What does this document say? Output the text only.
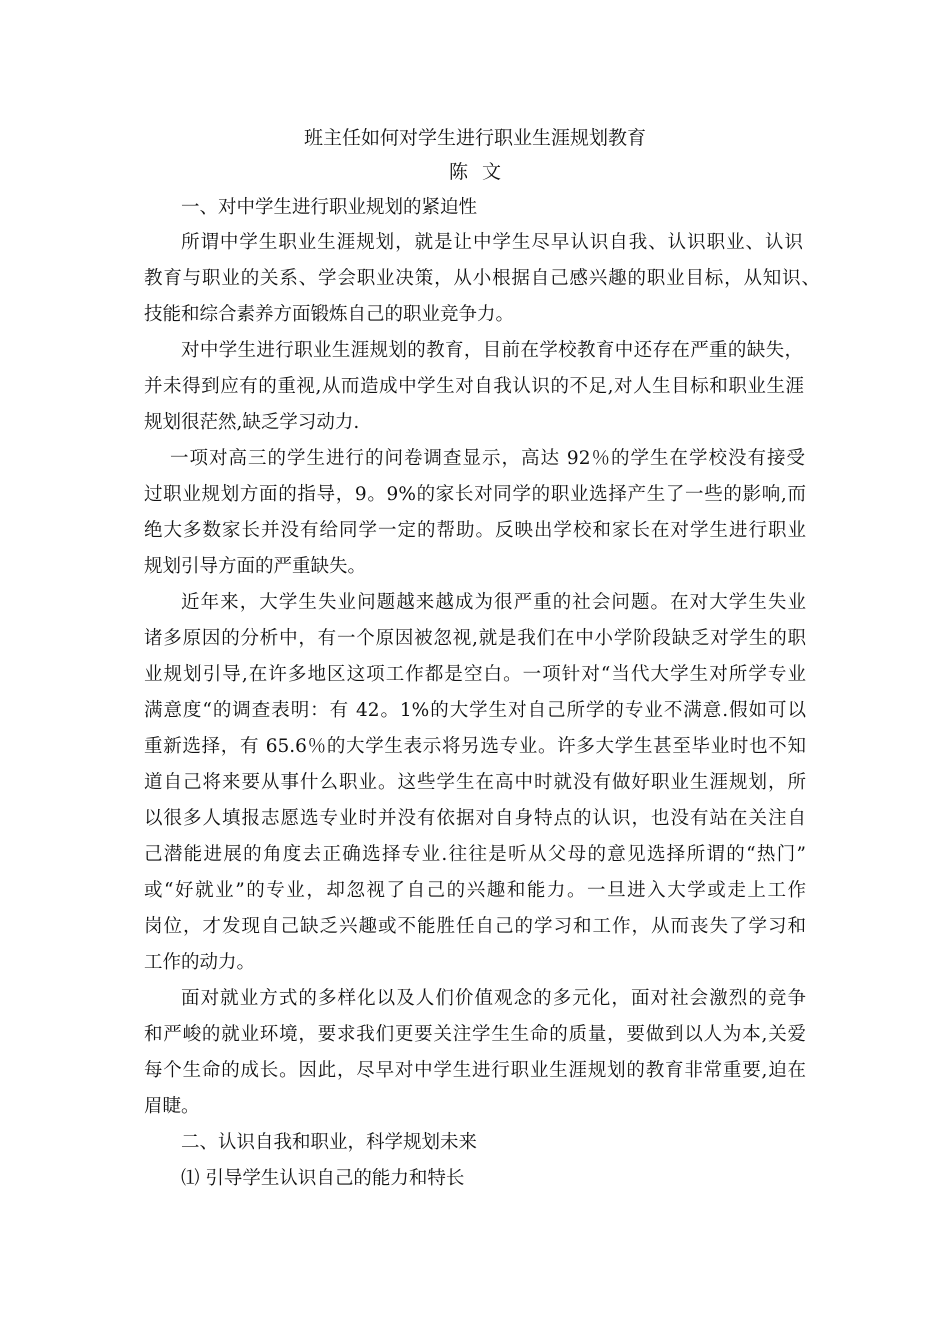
班主任如何对学生进行职业生涯规划教育
陈文
一、对中学生进行职业规划的紧迫性
所谓中学生职业生涯规划，就是让中学生尽早认识自我、认识职业、认识
教育与职业的关系、学会职业决策，从小根据自己感兴趣的职业目标，从知识、
技能和综合素养方面锻炼自己的职业竞争力。
对中学生进行职业生涯规划的教育，目前在学校教育中还存在严重的缺失，
并未得到应有的重视,从而造成中学生对自我认识的不足,对人生目标和职业生涯
规划很茫然,缺乏学习动力.
一项对高三的学生进行的问卷调查显示，高达 92％的学生在学校没有接受
过职业规划方面的指导，9。9%的家长对同学的职业选择产生了一些的影响,而
绝大多数家长并没有给同学一定的帮助。反映出学校和家长在对学生进行职业
规划引导方面的严重缺失。
近年来，大学生失业问题越来越成为很严重的社会问题。在对大学生失业
诸多原因的分析中，有一个原因被忽视,就是我们在中小学阶段缺乏对学生的职
业规划引导,在许多地区这项工作都是空白。一项针对“当代大学生对所学专业
满意度“的调查表明：有 42。1%的大学生对自己所学的专业不满意.假如可以
重新选择，有 65.6％的大学生表示将另选专业。许多大学生甚至毕业时也不知
道自己将来要从事什么职业。这些学生在高中时就没有做好职业生涯规划，所
以很多人填报志愿选专业时并没有依据对自身特点的认识，也没有站在关注自
己潜能进展的角度去正确选择专业.往往是听从父母的意见选择所谓的“热门”
或“好就业”的专业，却忽视了自己的兴趣和能力。一旦进入大学或走上工作
岗位，才发现自己缺乏兴趣或不能胜任自己的学习和工作，从而丧失了学习和
工作的动力。
面对就业方式的多样化以及人们价值观念的多元化，面对社会激烈的竞争
和严峻的就业环境，要求我们更要关注学生生命的质量，要做到以人为本,关爱
每个生命的成长。因此，尽早对中学生进行职业生涯规划的教育非常重要,迫在
眉睫。
二、认识自我和职业，科学规划未来
⑴ 引导学生认识自己的能力和特长
